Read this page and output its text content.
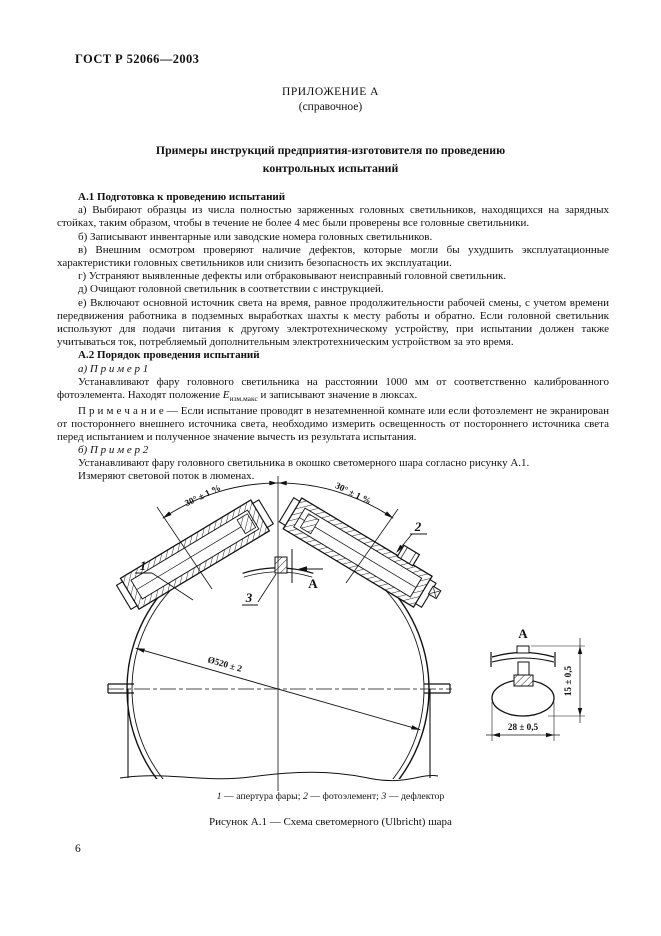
ГОСТ Р 52066—2003
ПРИЛОЖЕНИЕ А
(справочное)
Примеры инструкций предприятия-изготовителя по проведению
контрольных испытаний

А.1 Подготовка к проведению испытаний

а) Выбирают образцы из числа полностью заряженных головных светильников, находящихся на зарядных стойках, таким образом, чтобы в течение не более 4 мес были проверены все головные светильники.

б) Записывают инвентарные или заводские номера головных светильников.

в) Внешним осмотром проверяют наличие дефектов, которые могли бы ухудшить эксплуатационные характеристики головных светильников или снизить безопасность их эксплуатации.

г) Устраняют выявленные дефекты или отбраковывают неисправный головной светильник.

д) Очищают головной светильник в соответствии с инструкцией.

е) Включают основной источник света на время, равное продолжительности рабочей смены, с учетом времени передвижения работника в подземных выработках шахты к месту работы и обратно. Если головной светильник используют для подачи питания к другому электротехническому устройству, при испытании должен также учитываться ток, потребляемый дополнительным электротехническим устройством за это время.

А.2 Порядок проведения испытаний

а) П р и м е р 1

Устанавливают фару головного светильника на расстоянии 1000 мм от соответственно калиброванного фотоэлемента. Находят положение $Е_{изм.макс}$ и записывают значение в люксах.

П р и м е ч а н и е — Если испытание проводят в незатемненной комнате или если фотоэлемент не экранирован от постороннего внешнего источника света, необходимо измерить освещенность от постороннего источника света перед испытанием и полученное значение вычесть из результата испытания.

б) П р и м е р 2

Устанавливают фару головного светильника в окошко светомерного шара согласно рисунку А.1.

Измеряют световой поток в люменах.

Ø520 ± 2
30° ± 1 %	30° ± 1 %
1
2
3
А
А
15 ± 0,5
28 ± 0,5
1 — апертура фары; 2 — фотоэлемент; 3 — дефлектор
Рисунок А.1 — Схема светомерного (Ulbricht) шара
6
